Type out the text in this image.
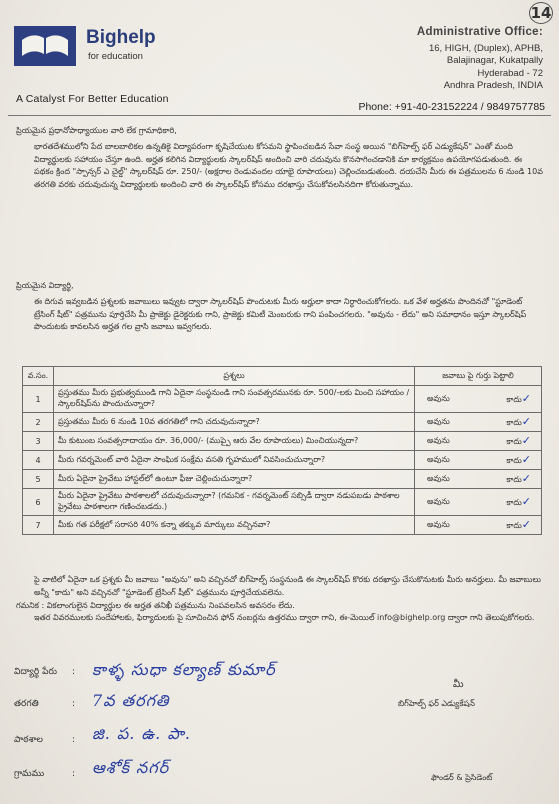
14
Bighelp
for education
A Catalyst For Better Education
Administrative Office:
16, HIGH, (Duplex), APHB,
Balajinagar, Kukatpally
Hyderabad - 72
Andhra Pradesh, INDIA
Phone: +91-40-23152224 / 9849757785

ప్రియమైన ప్రధానోపాధ్యాయుల వారి లేక గ్రామాధికారి,

భారతదేశములోని పేద బాలబాలికల ఉన్నతికై విద్యాపరంగా కృషిచేయుట కోసమని స్థాపించబడిన సేవా సంస్థ అయిన "బిగ్‌హెల్ప్ ఫర్ ఎడ్యుకేషన్" ఎంతో మంది విద్యార్థులకు సహాయం చేస్తూ ఉంది. అర్హత కలిగిన విద్యార్థులకు స్కాలర్‌షిప్ అందించి వారి చదువును కొనసాగించడానికి మా కార్యక్రమం ఉపయోగపడుతుంది. ఈ పథకం క్రింద "స్పాన్సర్ ఎ చైల్డ్" స్కాలర్‌షిప్ రూ. 250/- (అక్షరాల రెండువందల యాభై రూపాయలు) చెల్లించబడుతుంది. దయచేసి మీరు ఈ పత్రములను 6 నుండి 10వ తరగతి వరకు చదువుచున్న విద్యార్థులకు అందించి వారి ఈ స్కాలర్‌షిప్ కోసము దరఖాస్తు చేసుకోవలసినదిగా కోరుతున్నాము.

ప్రియమైన విద్యార్థి,

ఈ దిగువ ఇవ్వబడిన ప్రశ్నలకు జవాబులు ఇవ్వుట ద్వారా స్కాలర్‌షిప్ పొందుటకు మీరు అర్హులా కాదా నిర్ధారించుకోగలరు. ఒక వేళ అర్హతను పొందినచో "స్టూడెంట్ ట్రేసింగ్ షీట్" పత్రమును పూర్తిచేసి మీ ప్రాజెక్టు డైరెక్టరుకు గాని, ప్రాజెక్టు కమిటీ మెంబరుకు గాని పంపించగలరు. "అవును - లేదు" అని సమాధానం ఇస్తూ స్కాలర్‌షిప్ పొందుటకు కావలసిన అర్హత గల వ్రాసి జవాబు ఇవ్వగలరు.

వ.సం.	ప్రశ్నలు	జవాబు పై గుర్తు పెట్టాలి
1	ప్రస్తుతము మీరు ప్రభుత్వముండి గాని ఏదైనా సంస్థనుండి గాని సంవత్సరమునకు రూ. 500/-లకు మించి సహాయం / స్కాలర్‌షిప్‌ను పొందుచున్నారా?	అవును కాదు✓

2	ప్రస్తుతము మీరు 6 నుండి 10వ తరగతిలో గాని చదువుచున్నారా?	అవును కాదు✓

3	మీ కుటుంబ సంవత్సరాదాయం రూ. 36,000/- (ముప్పై ఆరు వేల రూపాయలు) మించియున్నదా?	అవును కాదు✓

4	మీరు గవర్నమెంట్ వారి ఏదైనా సాంఘిక సంక్షేమ వసతి గృహములో నివసించుచున్నారా?	అవును కాదు✓

5	మీరు ఏదైనా ప్రైవేటు హాస్టల్‌లో ఉంటూ ఫీజు చెల్లించుచున్నారా?	అవును కాదు✓

6	మీరు ఏదైనా ప్రైవేటు పాఠశాలలో చదువుచున్నారా? (గమనిక - గవర్నమెంట్ సబ్సిడీ ద్వారా నడుపబడు పాఠశాల ప్రైవేటు పాఠశాలగా గణించబడదు.)	అవును కాదు✓

7	మీకు గత పరీక్షలో సరాసరి 40% కన్నా తక్కువ మార్కులు వచ్చినవా?	అవును కాదు✓

పై వాటిలో ఏదైనా ఒక ప్రశ్నకు మీ జవాబు "అవును" అని వచ్చినచో బిగ్‌హెల్ప్ సంస్థనుండి ఈ స్కాలర్‌షిప్ కొరకు దరఖాస్తు చేసుకొనుటకు మీరు అనర్హులు. మీ జవాబులు అన్నీ "కాదు" అని వచ్చినచో "స్టూడెంట్ ట్రేసింగ్ షీట్" పత్రమును పూర్తిచేయవలెను.

గమనిక : వికలాంగులైన విద్యార్థుల ఈ అర్హత తనిఖీ పత్రమును నింపవలసిన అవసరం లేదు.

ఇతర వివరములకు సందేహాలకు, ఫిర్యాదులకు పై సూచించిన ఫోన్ నంబర్లను ఉత్తరము ద్వారా గాని, ఈ-మెయిల్ info@bighelp.org ద్వారా గాని తెలుపుకోగలరు.

విద్యార్థి పేరు : కాళ్ళ సుధా కల్యాణ్ కుమార్
తరగతి	: 7వ తరగతి
పాఠశాల	: జి. ప. ఉ. పా.
గ్రామము	: ఆశోక్ నగర్
మీ
బిగ్‌హెల్ప్ ఫర్ ఎడ్యుకేషన్
ఫౌండర్ & ప్రెసిడెంట్
